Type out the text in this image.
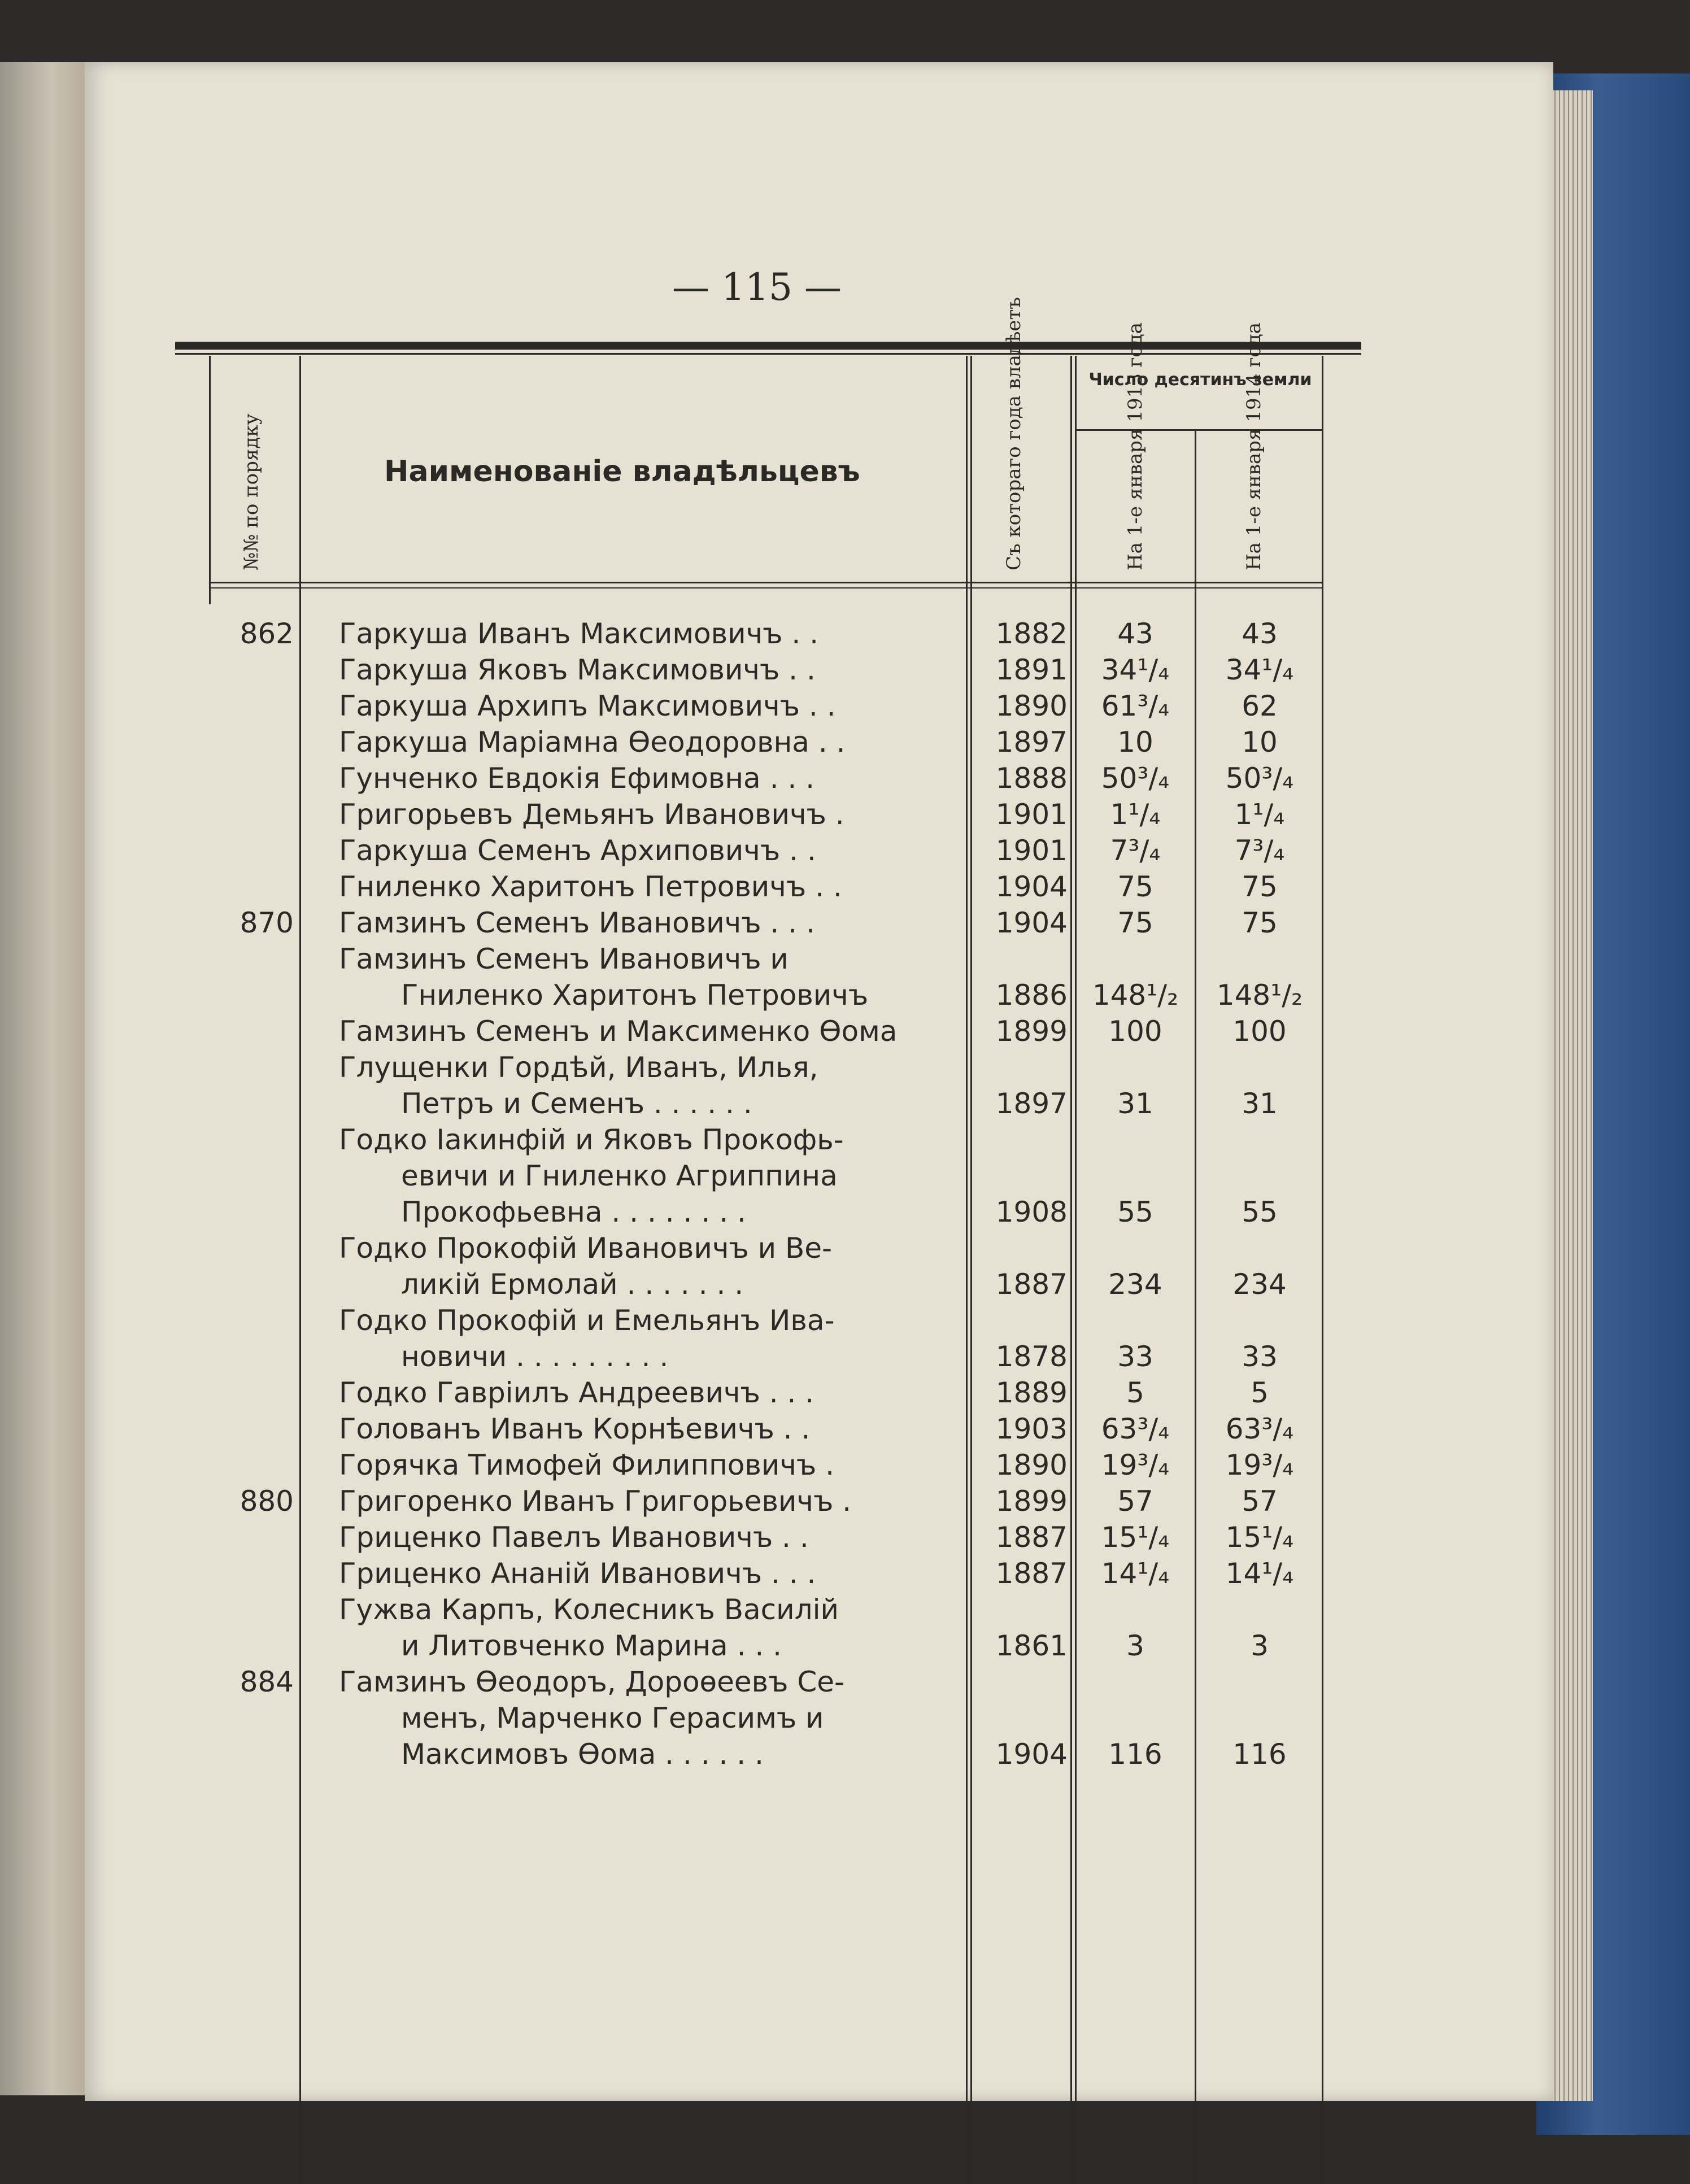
— 115 —
№№ по порядку	Наименованіе владѣльцевъ	Съ котораго года владѣетъ	Число десятинъ земли
На 1-е января 1913 года	На 1-е января 1914 года
862 Гаркуша Иванъ Максимовичъ . .	1882	43	43
Гаркуша Яковъ Максимовичъ . .	1891	34¹/₄	34¹/₄
Гаркуша Архипъ Максимовичъ . .	1890	61³/₄	62
Гаркуша Маріамна Ѳеодоровна . .	1897	10	10
Гунченко Евдокія Ефимовна . . .	1888	50³/₄	50³/₄
Григорьевъ Демьянъ Ивановичъ .	1901	1¹/₄	1¹/₄
Гаркуша Семенъ Архиповичъ . .	1901	7³/₄	7³/₄
Гниленко Харитонъ Петровичъ . .	1904	75	75
870 Гамзинъ Семенъ Ивановичъ . . .	1904	75	75
Гамзинъ Семенъ Ивановичъ и
Гниленко Харитонъ Петровичъ	1886 148¹/₂	148¹/₂
Гамзинъ Семенъ и Максименко Ѳома	1899	100	100
Глущенки Гордѣй, Иванъ, Илья,
Петръ и Семенъ . . . . . .	1897	31	31
Годко Іакинфій и Яковъ Прокофь-
евичи и Гниленко Агриппина
Прокофьевна . . . . . . . .	1908	55	55
Годко Прокофій Ивановичъ и Ве-
ликій Ермолай . . . . . . .	1887	234	234
Годко Прокофій и Емельянъ Ива-
новичи . . . . . . . . .	1878	33	33
Годко Гавріилъ Андреевичъ . . .	1889	5	5
Голованъ Иванъ Корнѣевичъ . .	1903	63³/₄	63³/₄
Горячка Тимофей Филипповичъ .	1890	19³/₄	19³/₄
880 Григоренко Иванъ Григорьевичъ .	1899	57	57
Гриценко Павелъ Ивановичъ . .	1887	15¹/₄	15¹/₄
Гриценко Ананій Ивановичъ . . .	1887	14¹/₄	14¹/₄
Гужва Карпъ, Колесникъ Василій
и Литовченко Марина . . .	1861	3	3
884 Гамзинъ Ѳеодоръ, Дороѳеевъ Се-
менъ, Марченко Герасимъ и
Максимовъ Ѳома . . . . . .	1904	116	116
